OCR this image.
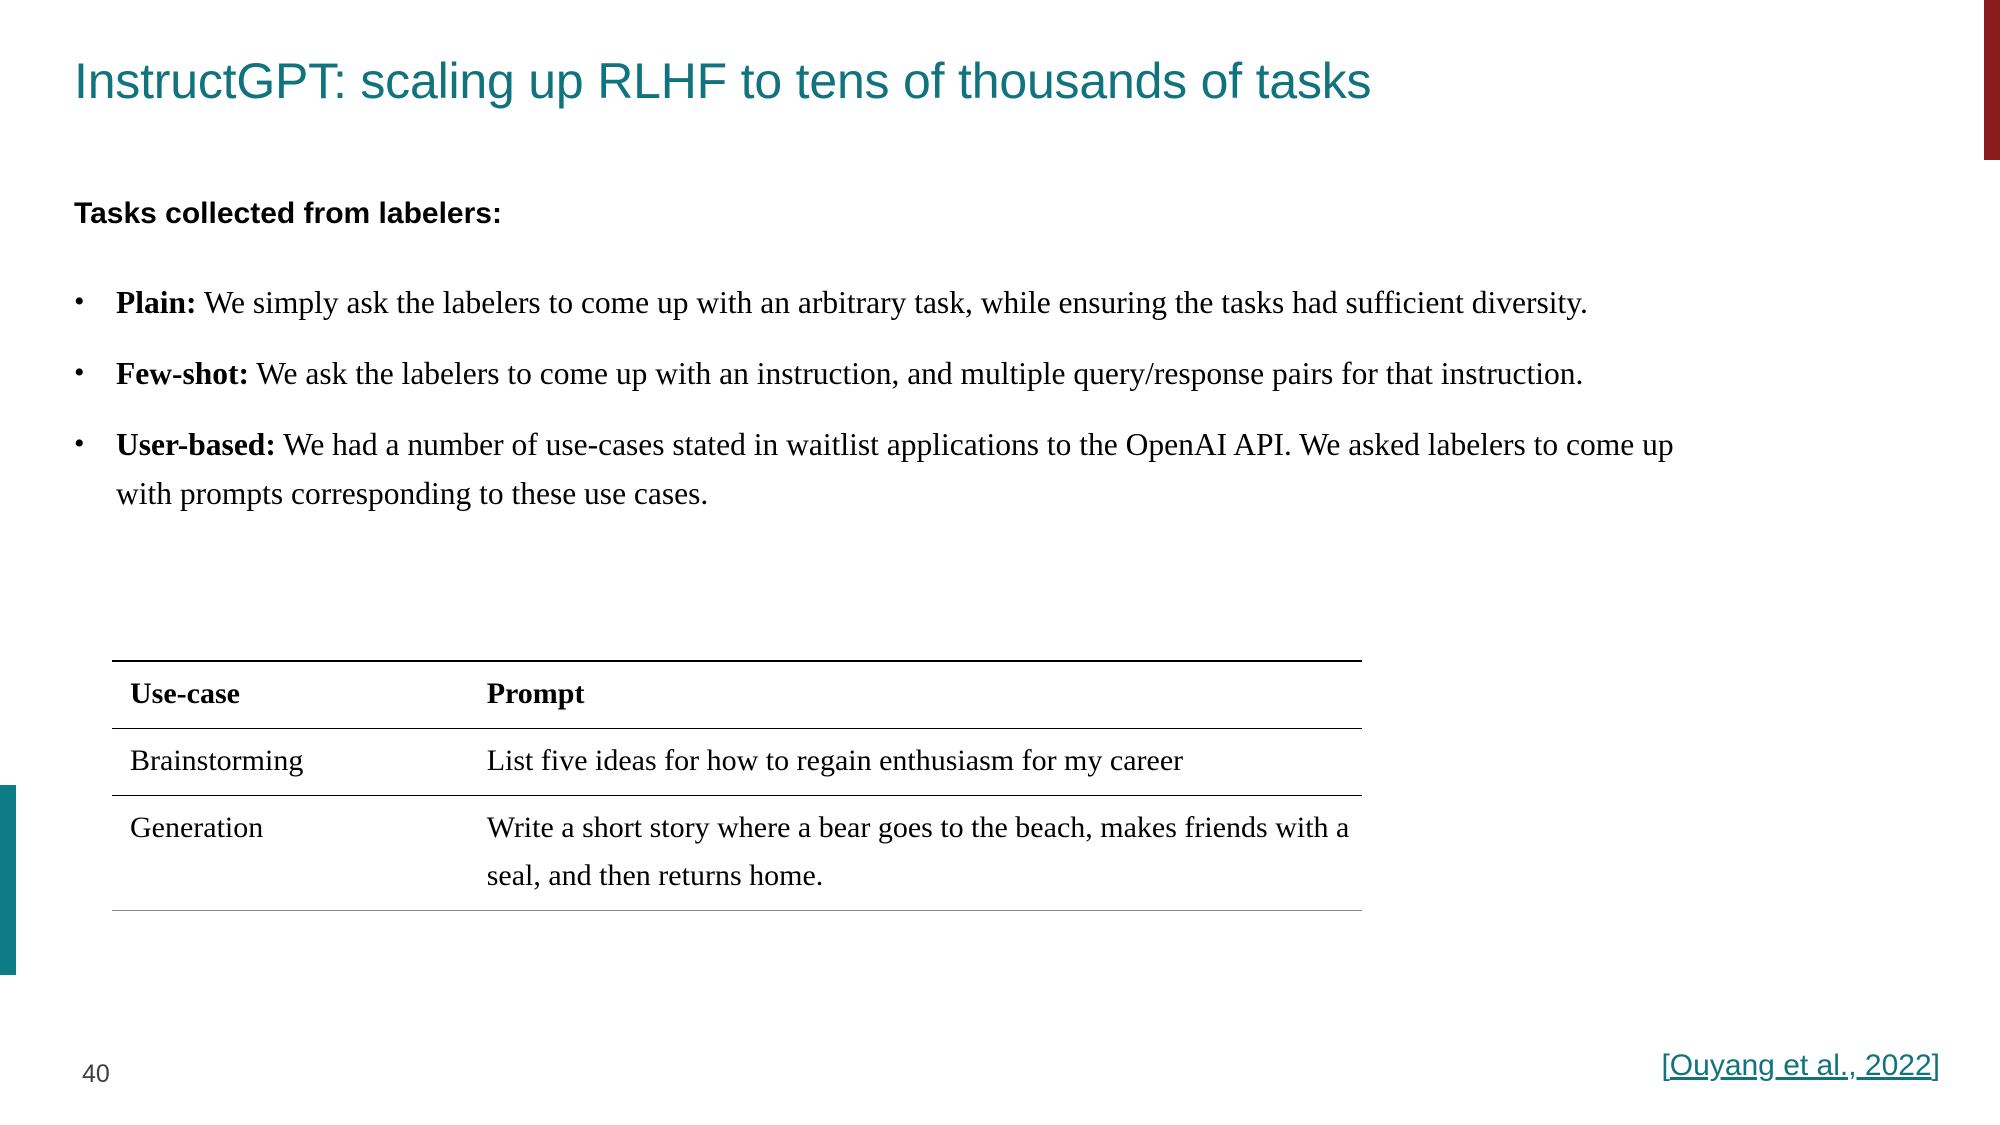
InstructGPT: scaling up RLHF to tens of thousands of tasks
Tasks collected from labelers:
• Plain: We simply ask the labelers to come up with an arbitrary task, while ensuring the tasks had sufficient diversity.
• Few-shot: We ask the labelers to come up with an instruction, and multiple query/response pairs for that instruction.
• User-based: We had a number of use-cases stated in waitlist applications to the OpenAI API. We asked labelers to come up with prompts corresponding to these use cases.
Use-case	Prompt
Brainstorming	List five ideas for how to regain enthusiasm for my career
Generation	Write a short story where a bear goes to the beach, makes friends with a seal, and then returns home.
40	[Ouyang et al., 2022]
